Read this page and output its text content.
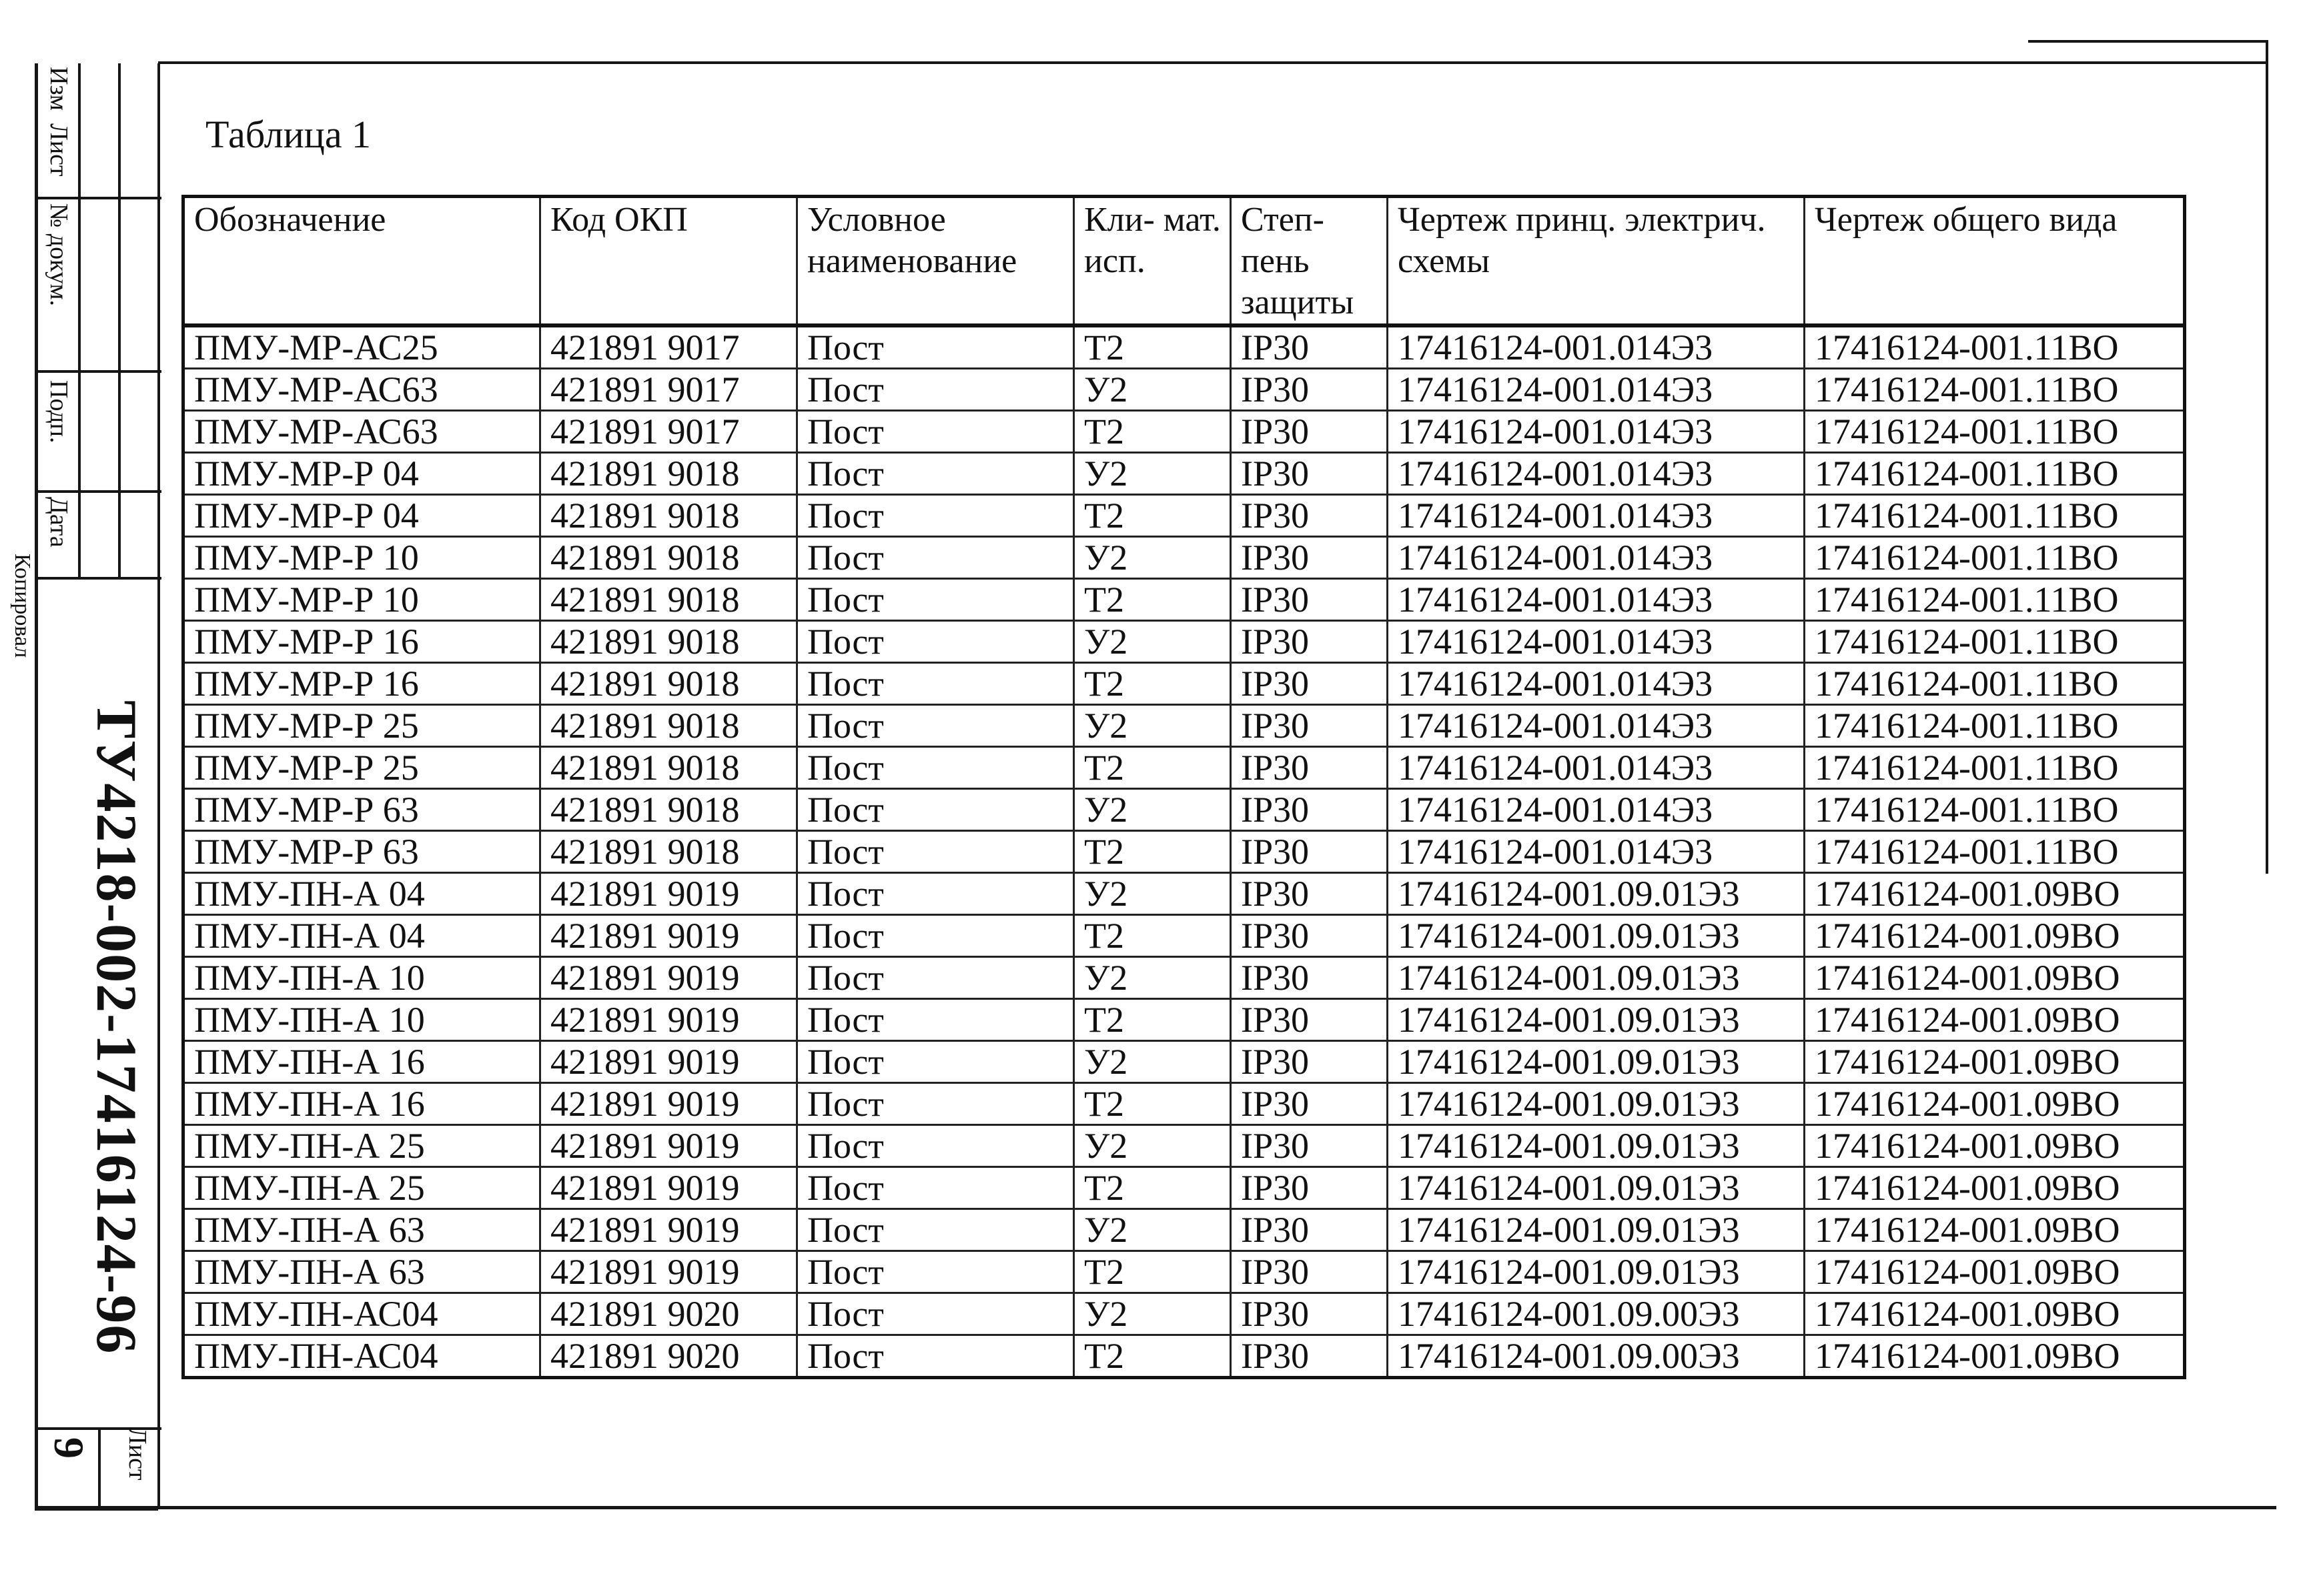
Изм
Лист
№ докум.
Подп.
Дата
Копировал
ТУ4218-002-17416124-96
Лист
9
Таблица 1
Обозначение	Код ОКП	Условное наименование	Кли- мат. исп.	Степ- пень защиты	Чертеж принц. электрич. схемы	Чертеж общего вида
ПМУ-МР-АС25	421891 9017	Пост	Т2	IP30	17416124-001.014Э3	17416124-001.11ВО
ПМУ-МР-АС63	421891 9017	Пост	У2	IP30	17416124-001.014Э3	17416124-001.11ВО
ПМУ-МР-АС63	421891 9017	Пост	Т2	IP30	17416124-001.014Э3	17416124-001.11ВО
ПМУ-МР-Р 04	421891 9018	Пост	У2	IP30	17416124-001.014Э3	17416124-001.11ВО
ПМУ-МР-Р 04	421891 9018	Пост	Т2	IP30	17416124-001.014Э3	17416124-001.11ВО
ПМУ-МР-Р 10	421891 9018	Пост	У2	IP30	17416124-001.014Э3	17416124-001.11ВО
ПМУ-МР-Р 10	421891 9018	Пост	Т2	IP30	17416124-001.014Э3	17416124-001.11ВО
ПМУ-МР-Р 16	421891 9018	Пост	У2	IP30	17416124-001.014Э3	17416124-001.11ВО
ПМУ-МР-Р 16	421891 9018	Пост	Т2	IP30	17416124-001.014Э3	17416124-001.11ВО
ПМУ-МР-Р 25	421891 9018	Пост	У2	IP30	17416124-001.014Э3	17416124-001.11ВО
ПМУ-МР-Р 25	421891 9018	Пост	Т2	IP30	17416124-001.014Э3	17416124-001.11ВО
ПМУ-МР-Р 63	421891 9018	Пост	У2	IP30	17416124-001.014Э3	17416124-001.11ВО
ПМУ-МР-Р 63	421891 9018	Пост	Т2	IP30	17416124-001.014Э3	17416124-001.11ВО
ПМУ-ПН-А 04	421891 9019	Пост	У2	IP30	17416124-001.09.01Э3	17416124-001.09ВО
ПМУ-ПН-А 04	421891 9019	Пост	Т2	IP30	17416124-001.09.01Э3	17416124-001.09ВО
ПМУ-ПН-А 10	421891 9019	Пост	У2	IP30	17416124-001.09.01Э3	17416124-001.09ВО
ПМУ-ПН-А 10	421891 9019	Пост	Т2	IP30	17416124-001.09.01Э3	17416124-001.09ВО
ПМУ-ПН-А 16	421891 9019	Пост	У2	IP30	17416124-001.09.01Э3	17416124-001.09ВО
ПМУ-ПН-А 16	421891 9019	Пост	Т2	IP30	17416124-001.09.01Э3	17416124-001.09ВО
ПМУ-ПН-А 25	421891 9019	Пост	У2	IP30	17416124-001.09.01Э3	17416124-001.09ВО
ПМУ-ПН-А 25	421891 9019	Пост	Т2	IP30	17416124-001.09.01Э3	17416124-001.09ВО
ПМУ-ПН-А 63	421891 9019	Пост	У2	IP30	17416124-001.09.01Э3	17416124-001.09ВО
ПМУ-ПН-А 63	421891 9019	Пост	Т2	IP30	17416124-001.09.01Э3	17416124-001.09ВО
ПМУ-ПН-АС04	421891 9020	Пост	У2	IP30	17416124-001.09.00Э3	17416124-001.09ВО
ПМУ-ПН-АС04	421891 9020	Пост	Т2	IP30	17416124-001.09.00Э3	17416124-001.09ВО
